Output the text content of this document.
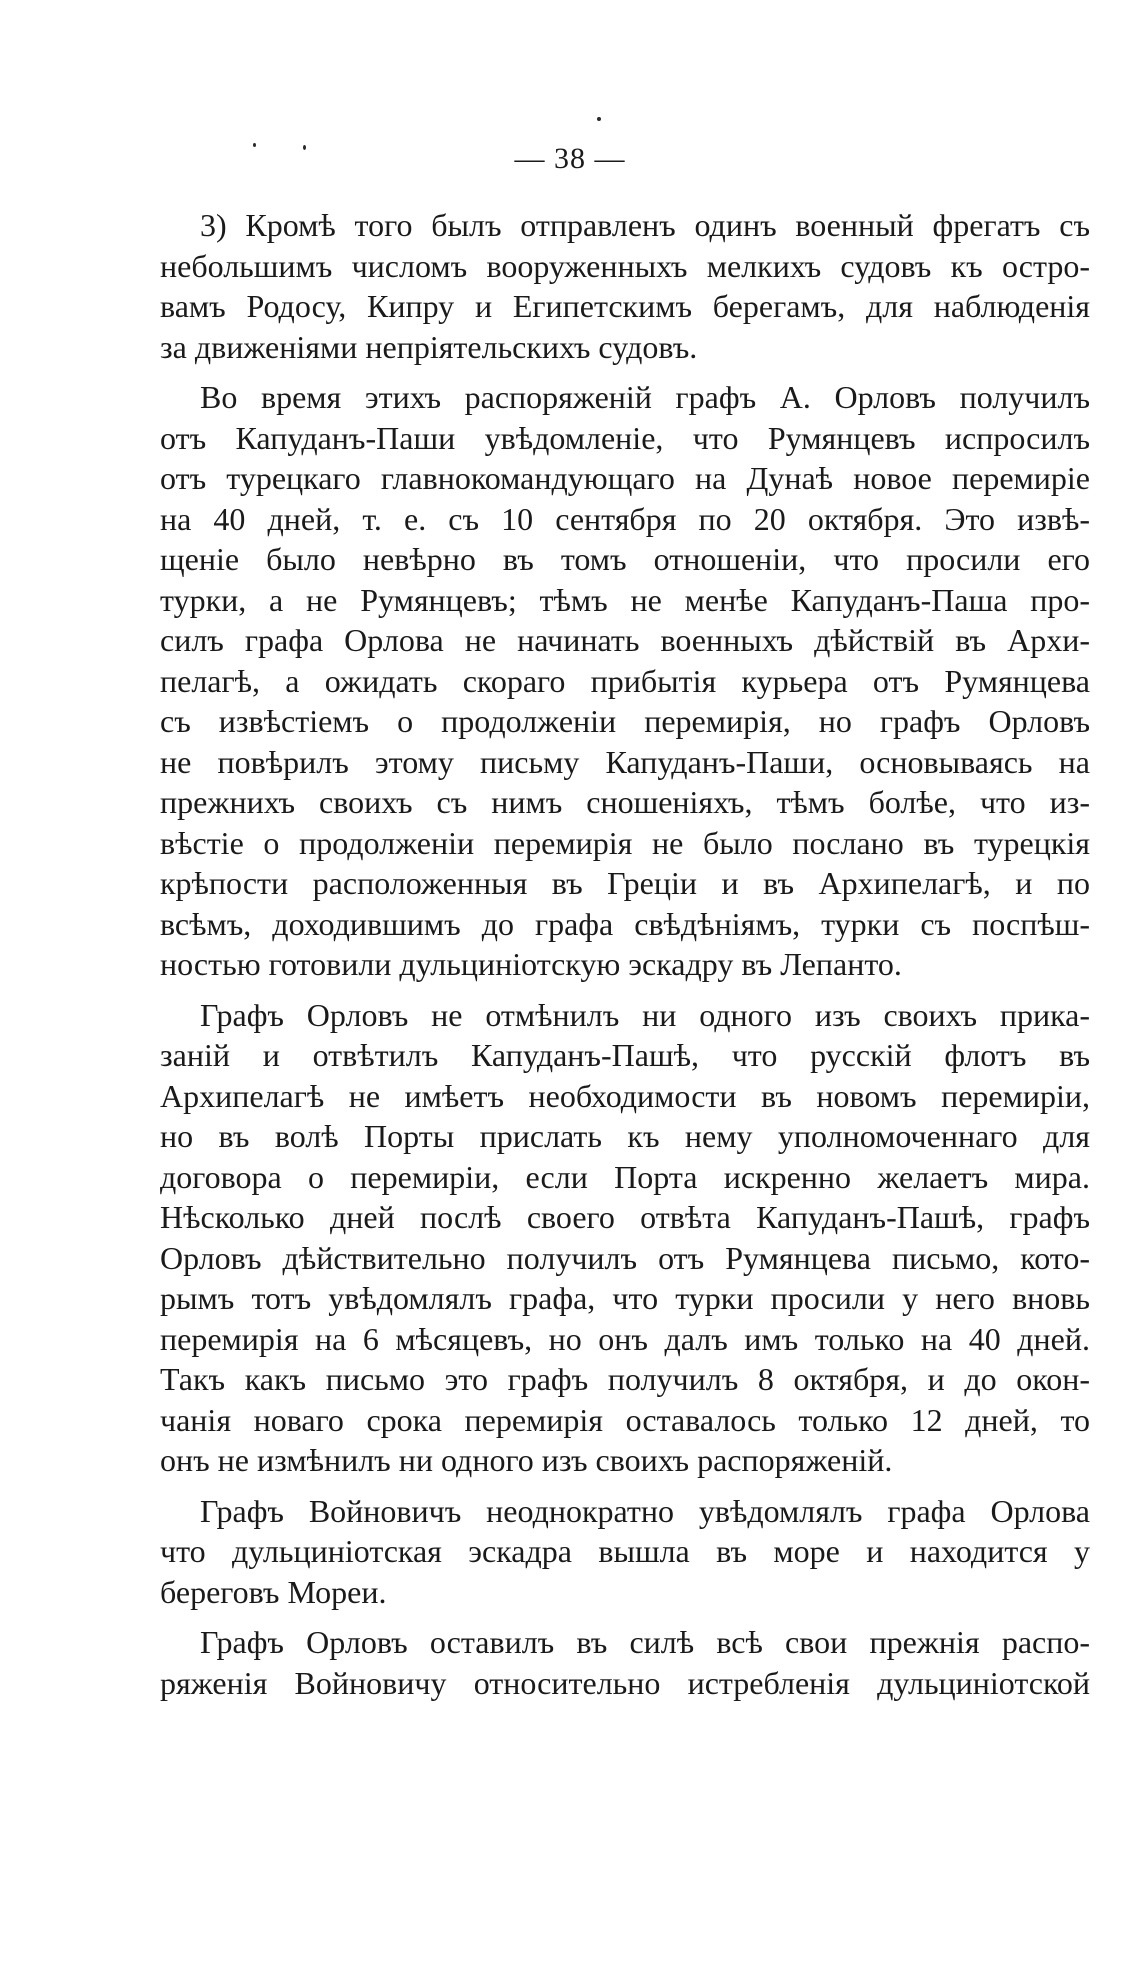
— 38 —

3) Кромѣ того былъ отправленъ одинъ военный фрегатъ съ
небольшимъ числомъ вооруженныхъ мелкихъ судовъ къ остро-
вамъ Родосу, Кипру и Египетскимъ берегамъ, для наблюденія
за движеніями непріятельскихъ судовъ.

Во время этихъ распоряженій графъ А. Орловъ получилъ
отъ Капуданъ-Паши увѣдомленіе, что Румянцевъ испросилъ
отъ турецкаго главнокомандующаго на Дунаѣ новое перемиріе
на 40 дней, т. е. съ 10 сентября по 20 октября. Это извѣ-
щеніе было невѣрно въ томъ отношеніи, что просили его
турки, а не Румянцевъ; тѣмъ не менѣе Капуданъ-Паша про-
силъ графа Орлова не начинать военныхъ дѣйствій въ Архи-
пелагѣ, а ожидать скораго прибытія курьера отъ Румянцева
съ извѣстіемъ о продолженіи перемирія, но графъ Орловъ
не повѣрилъ этому письму Капуданъ-Паши, основываясь на
прежнихъ своихъ съ нимъ сношеніяхъ, тѣмъ болѣе, что из-
вѣстіе о продолженіи перемирія не было послано въ турецкія
крѣпости расположенныя въ Греціи и въ Архипелагѣ, и по
всѣмъ, доходившимъ до графа свѣдѣніямъ, турки съ поспѣш-
ностью готовили дульциніотскую эскадру въ Лепанто.

Графъ Орловъ не отмѣнилъ ни одного изъ своихъ прика-
заній и отвѣтилъ Капуданъ-Пашѣ, что русскій флотъ въ
Архипелагѣ не имѣетъ необходимости въ новомъ перемиріи,
но въ волѣ Порты прислать къ нему уполномоченнаго для
договора о перемиріи, если Порта искренно желаетъ мира.
Нѣсколько дней послѣ своего отвѣта Капуданъ-Пашѣ, графъ
Орловъ дѣйствительно получилъ отъ Румянцева письмо, кото-
рымъ тотъ увѣдомлялъ графа, что турки просили у него вновь
перемирія на 6 мѣсяцевъ, но онъ далъ имъ только на 40 дней.
Такъ какъ письмо это графъ получилъ 8 октября, и до окон-
чанія новаго срока перемирія оставалось только 12 дней, то
онъ не измѣнилъ ни одного изъ своихъ распоряженій.

Графъ Войновичъ неоднократно увѣдомлялъ графа Орлова
что дульциніотская эскадра вышла въ море и находится у
береговъ Мореи.

Графъ Орловъ оставилъ въ силѣ всѣ свои прежнія распо-
ряженія Войновичу относительно истребленія дульциніотской
